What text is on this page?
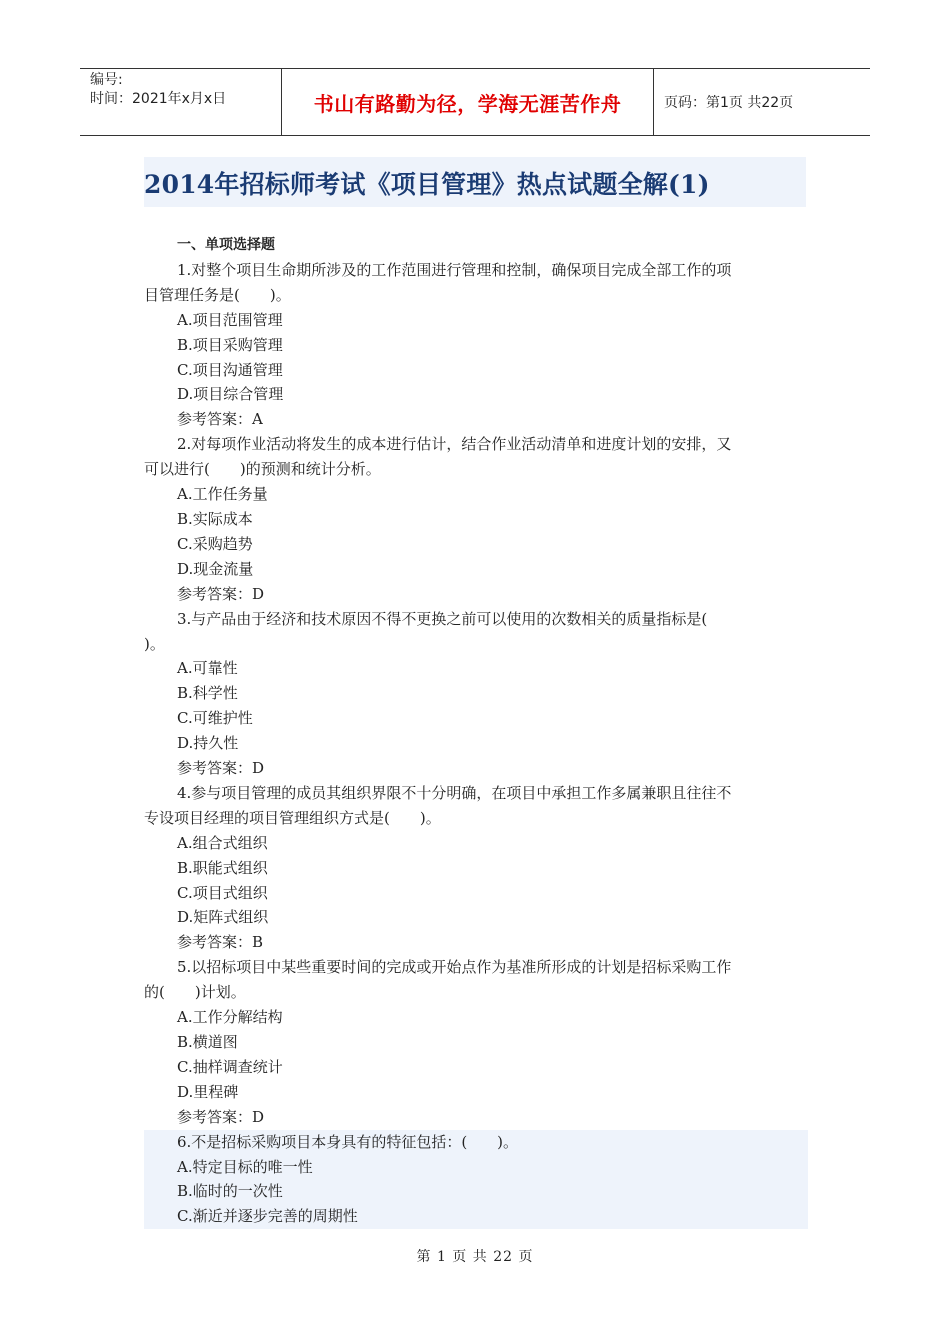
编号:
时间：2021年x月x日	书山有路勤为径，学海无涯苦作舟	页码：第1页 共22页
2014年招标师考试《项目管理》热点试题全解(1)
一、单项选择题
1.对整个项目生命期所涉及的工作范围进行管理和控制，确保项目完成全部工作的项
目管理任务是(　　)。
A.项目范围管理
B.项目采购管理
C.项目沟通管理
D.项目综合管理
参考答案：A
2.对每项作业活动将发生的成本进行估计，结合作业活动清单和进度计划的安排，又
可以进行(　　)的预测和统计分析。
A.工作任务量
B.实际成本
C.采购趋势
D.现金流量
参考答案：D
3.与产品由于经济和技术原因不得不更换之前可以使用的次数相关的质量指标是(
)。
A.可靠性
B.科学性
C.可维护性
D.持久性
参考答案：D
4.参与项目管理的成员其组织界限不十分明确，在项目中承担工作多属兼职且往往不
专设项目经理的项目管理组织方式是(　　)。
A.组合式组织
B.职能式组织
C.项目式组织
D.矩阵式组织
参考答案：B
5.以招标项目中某些重要时间的完成或开始点作为基准所形成的计划是招标采购工作
的(　　)计划。
A.工作分解结构
B.横道图
C.抽样调查统计
D.里程碑
参考答案：D
6.不是招标采购项目本身具有的特征包括：(　　)。
A.特定目标的唯一性
B.临时的一次性
C.渐近并逐步完善的周期性
第 1 页 共 22 页
